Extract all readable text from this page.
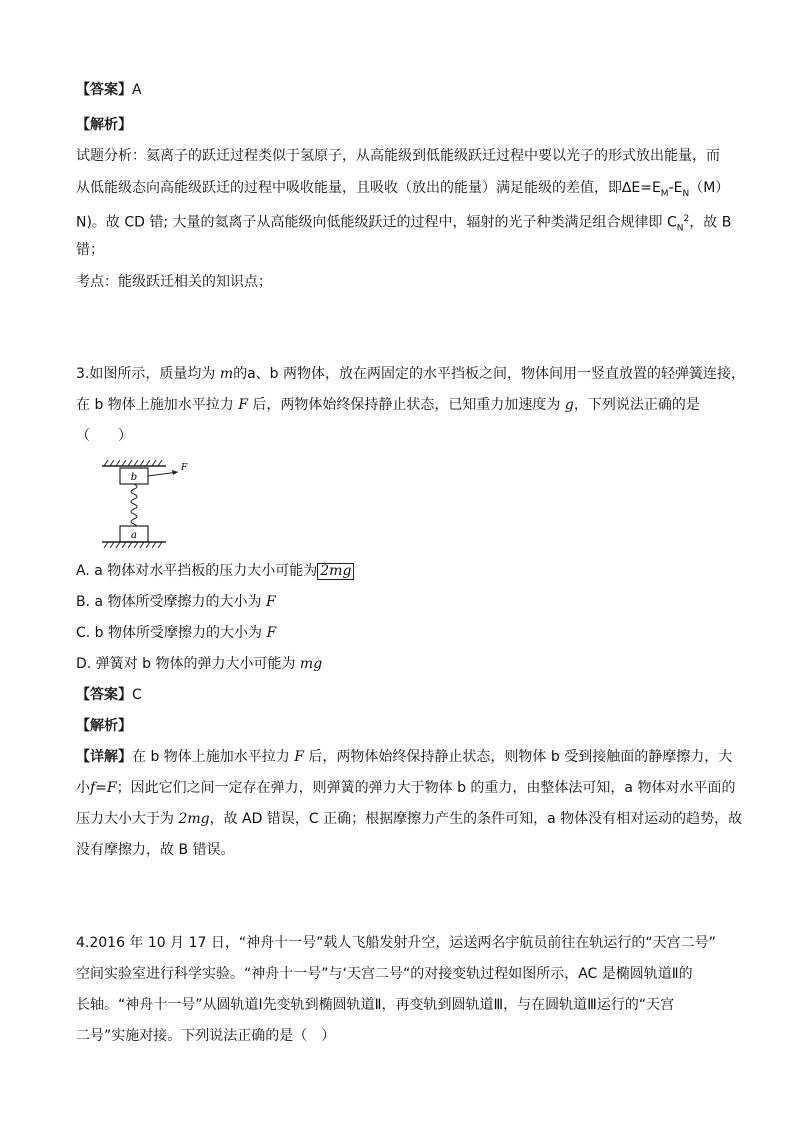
【答案】A
【解析】
试题分析：氦离子的跃迁过程类似于氢原子，从高能级到低能级跃迁过程中要以光子的形式放出能量，而
从低能级态向高能级跃迁的过程中吸收能量，且吸收（放出的能量）满足能级的差值，即$\Delta E=E_M-E_N(M)$
N)。故 CD 错; 大量的氦离子从高能级向低能级跃迁的过程中，辐射的光子种类满足组合规律即 $C_N^2$，故 B
错；
考点：能级跃迁相关的知识点；
3.如图所示，质量均为 m的a、b 两物体，放在两固定的水平挡板之间，物体间用一竖直放置的轻弹簧连接，
在 b 物体上施加水平拉力 F 后，两物体始终保持静止状态，已知重力加速度为 g，下列说法正确的是
（　　）
b
F
a
A. a 物体对水平挡板的压力大小可能为 2mg
B. a 物体所受摩擦力的大小为 F
C. b 物体所受摩擦力的大小为 F
D. 弹簧对 b 物体的弹力大小可能为 mg
【答案】C
【解析】
【详解】在 b 物体上施加水平拉力 F 后，两物体始终保持静止状态，则物体 b 受到接触面的静摩擦力，大
小f=F；因此它们之间一定存在弹力，则弹簧的弹力大于物体 b 的重力，由整体法可知，a 物体对水平面的
压力大小大于为 2mg，故 AD 错误，C 正确；根据摩擦力产生的条件可知，a 物体没有相对运动的趋势，故
没有摩擦力，故 B 错误。
4.2016 年 10 月 17 日，“神舟十一号”载人飞船发射升空，运送两名宇航员前往在轨运行的“天宫二号”
空间实验室进行科学实验。“神舟十一号”与‘天宫二号“的对接变轨过程如图所示，AC 是椭圆轨道Ⅱ的
长轴。“神舟十一号”从圆轨道Ⅰ先变轨到椭圆轨道Ⅱ，再变轨到圆轨道Ⅲ，与在圆轨道Ⅲ运行的“天宫
二号”实施对接。下列说法正确的是（　）
